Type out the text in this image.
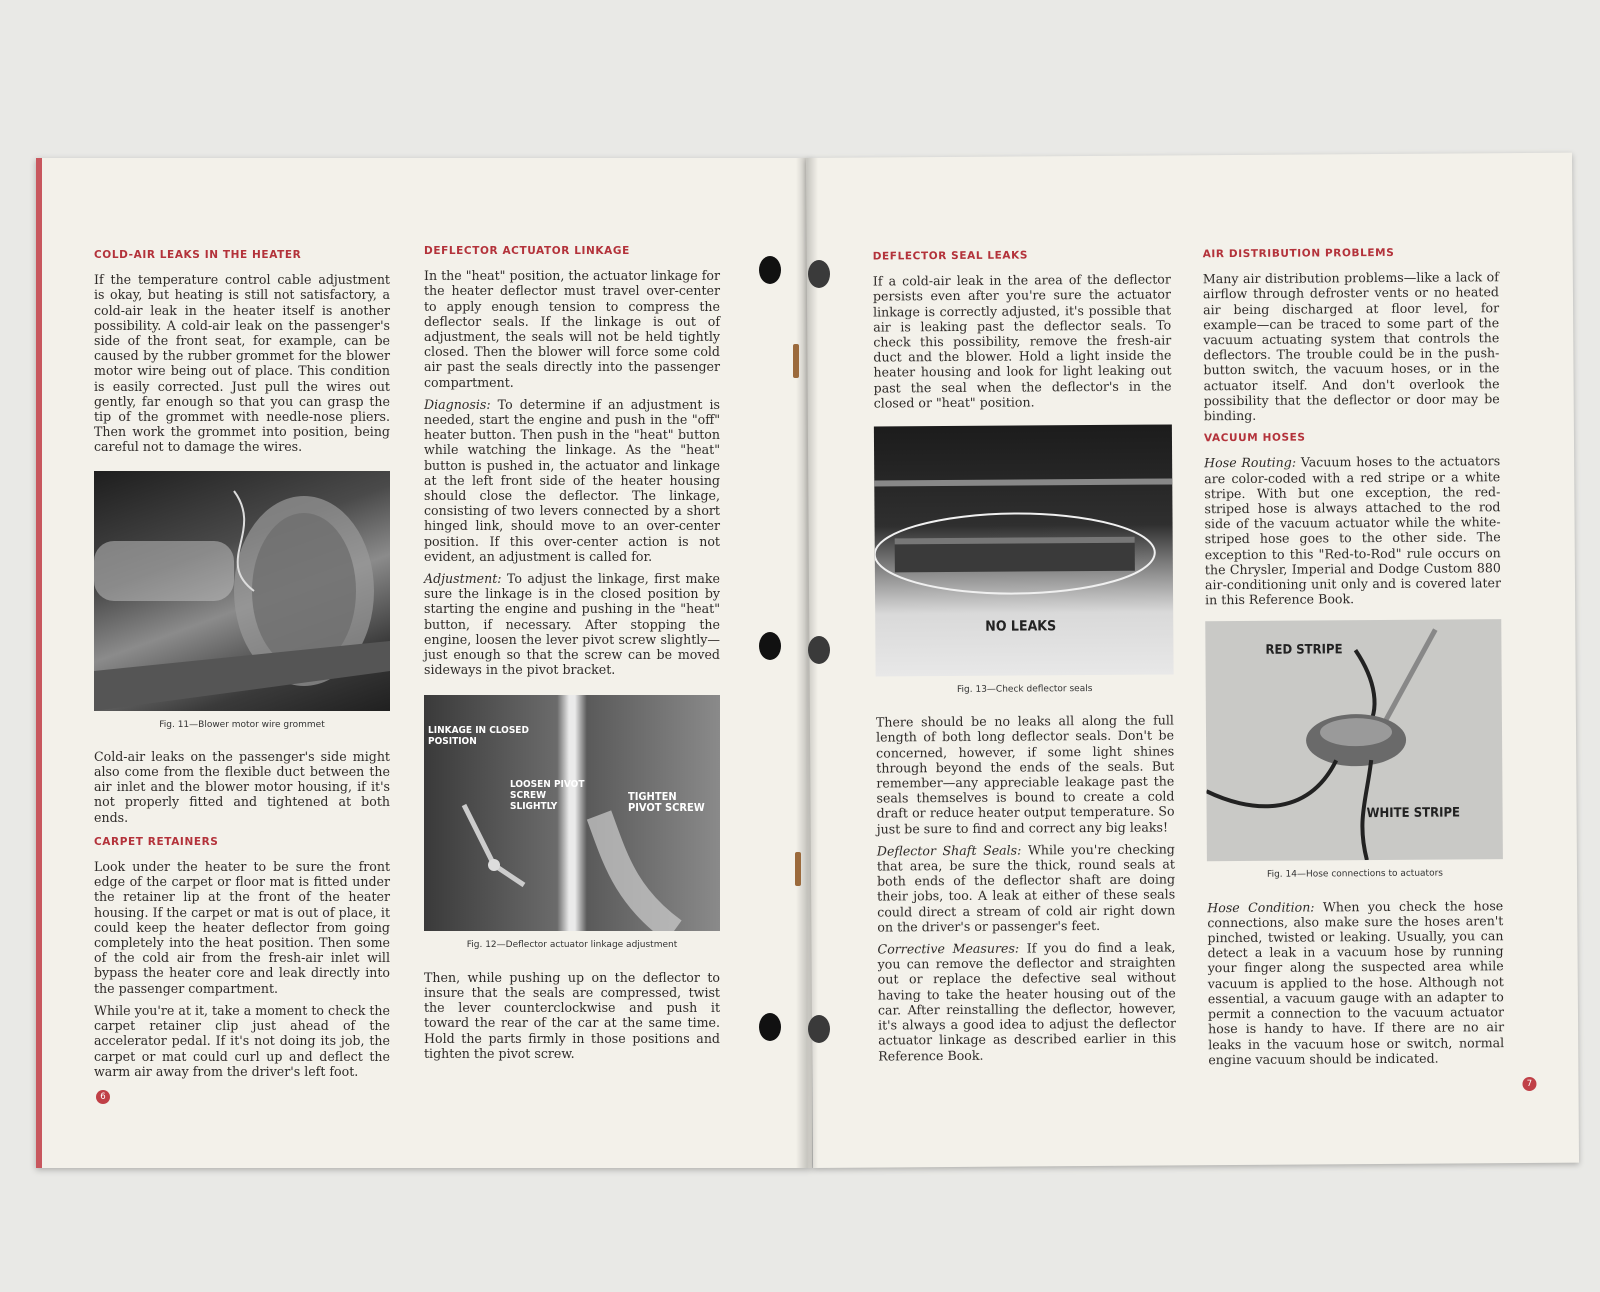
COLD-AIR LEAKS IN THE HEATER

If the temperature control cable adjustment is okay, but heating is still not satisfactory, a cold-air leak in the heater itself is another possibility. A cold-air leak on the passenger's side of the front seat, for example, can be caused by the rubber grommet for the blower motor wire being out of place. This condition is easily corrected. Just pull the wires out gently, far enough so that you can grasp the tip of the grommet with needle-nose pliers. Then work the grommet into position, being careful not to damage the wires.

Fig. 11—Blower motor wire grommet

Cold-air leaks on the passenger's side might also come from the flexible duct between the air inlet and the blower motor housing, if it's not properly fitted and tightened at both ends.

CARPET RETAINERS

Look under the heater to be sure the front edge of the carpet or floor mat is fitted under the retainer lip at the front of the heater housing. If the carpet or mat is out of place, it could keep the heater deflector from going completely into the heat position. Then some of the cold air from the fresh-air inlet will bypass the heater core and leak directly into the passenger compartment.

While you're at it, take a moment to check the carpet retainer clip just ahead of the accelerator pedal. If it's not doing its job, the carpet or mat could curl up and deflect the warm air away from the driver's left foot.

DEFLECTOR ACTUATOR LINKAGE

In the "heat" position, the actuator linkage for the heater deflector must travel over-center to apply enough tension to compress the deflector seals. If the linkage is out of adjustment, the seals will not be held tightly closed. Then the blower will force some cold air past the seals directly into the passenger compartment.

Diagnosis: To determine if an adjustment is needed, start the engine and push in the "off" heater button. Then push in the "heat" button while watching the linkage. As the "heat" button is pushed in, the actuator and linkage at the left front side of the heater housing should close the deflector. The linkage, consisting of two levers connected by a short hinged link, should move to an over-center position. If this over-center action is not evident, an adjustment is called for.

Adjustment: To adjust the linkage, first make sure the linkage is in the closed position by starting the engine and pushing in the "heat" button, if necessary. After stopping the engine, loosen the lever pivot screw slightly—just enough so that the screw can be moved sideways in the pivot bracket.

LINKAGE IN CLOSED POSITION
LOOSEN PIVOT SCREW SLIGHTLY
TIGHTEN PIVOT SCREW
Fig. 12—Deflector actuator linkage adjustment

Then, while pushing up on the deflector to insure that the seals are compressed, twist the lever counterclockwise and push it toward the rear of the car at the same time. Hold the parts firmly in those positions and tighten the pivot screw.

6
DEFLECTOR SEAL LEAKS

If a cold-air leak in the area of the deflector persists even after you're sure the actuator linkage is correctly adjusted, it's possible that air is leaking past the deflector seals. To check this possibility, remove the fresh-air duct and the blower. Hold a light inside the heater housing and look for light leaking out past the seal when the deflector's in the closed or "heat" position.

NO LEAKS
Fig. 13—Check deflector seals

There should be no leaks all along the full length of both long deflector seals. Don't be concerned, however, if some light shines through beyond the ends of the seals. But remember—any appreciable leakage past the seals themselves is bound to create a cold draft or reduce heater output temperature. So just be sure to find and correct any big leaks!

Deflector Shaft Seals: While you're checking that area, be sure the thick, round seals at both ends of the deflector shaft are doing their jobs, too. A leak at either of these seals could direct a stream of cold air right down on the driver's or passenger's feet.

Corrective Measures: If you do find a leak, you can remove the deflector and straighten out or replace the defective seal without having to take the heater housing out of the car. After reinstalling the deflector, however, it's always a good idea to adjust the deflector actuator linkage as described earlier in this Reference Book.

AIR DISTRIBUTION PROBLEMS

Many air distribution problems—like a lack of airflow through defroster vents or no heated air being discharged at floor level, for example—can be traced to some part of the vacuum actuating system that controls the deflectors. The trouble could be in the push-button switch, the vacuum hoses, or in the actuator itself. And don't overlook the possibility that the deflector or door may be binding.

VACUUM HOSES

Hose Routing: Vacuum hoses to the actuators are color-coded with a red stripe or a white stripe. With but one exception, the red-striped hose is always attached to the rod side of the vacuum actuator while the white-striped hose goes to the other side. The exception to this "Red-to-Rod" rule occurs on the Chrysler, Imperial and Dodge Custom 880 air-conditioning unit only and is covered later in this Reference Book.

RED STRIPE
WHITE STRIPE
Fig. 14—Hose connections to actuators

Hose Condition: When you check the hose connections, also make sure the hoses aren't pinched, twisted or leaking. Usually, you can detect a leak in a vacuum hose by running your finger along the suspected area while vacuum is applied to the hose. Although not essential, a vacuum gauge with an adapter to permit a connection to the vacuum actuator hose is handy to have. If there are no air leaks in the vacuum hose or switch, normal engine vacuum should be indicated.

7
